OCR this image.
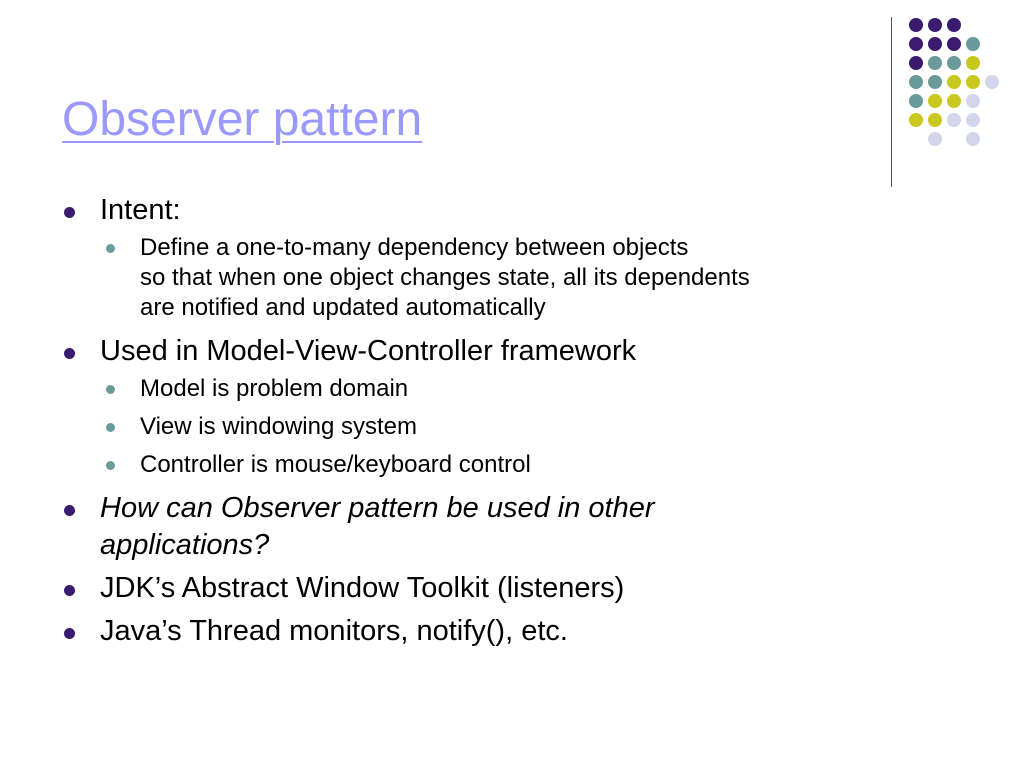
Observer pattern
Intent:
Define a one-to-many dependency between objects
so that when one object changes state, all its dependents
are notified and updated automatically
Used in Model-View-Controller framework
Model is problem domain
View is windowing system
Controller is mouse/keyboard control
How can Observer pattern be used in other
applications?
JDK’s Abstract Window Toolkit (listeners)
Java’s Thread monitors, notify(), etc.
